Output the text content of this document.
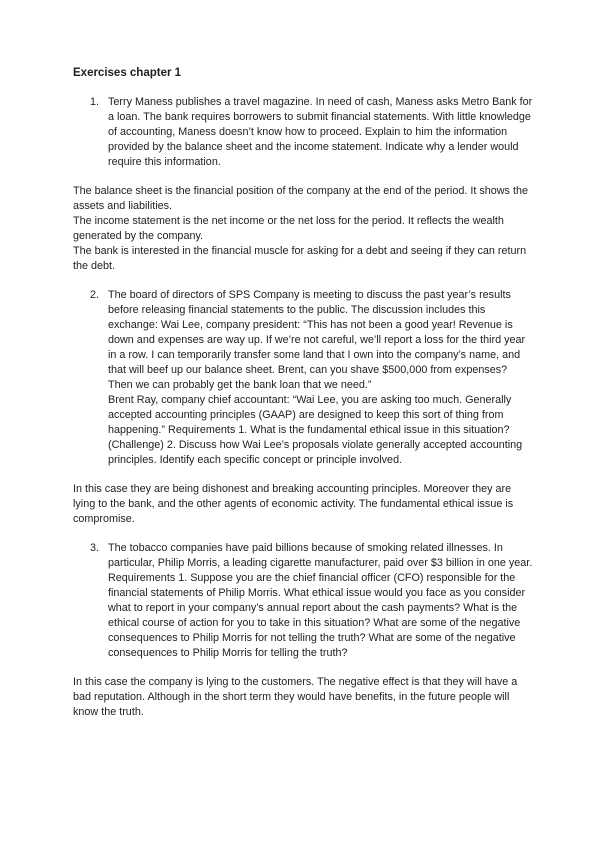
Exercises chapter 1
1. Terry Maness publishes a travel magazine. In need of cash, Maness asks Metro Bank for a loan. The bank requires borrowers to submit financial statements. With little knowledge of accounting, Maness doesn’t know how to proceed. Explain to him the information provided by the balance sheet and the income statement. Indicate why a lender would require this information.
The balance sheet is the financial position of the company at the end of the period. It shows the assets and liabilities.
The income statement is the net income or the net loss for the period. It reflects the wealth generated by the company.
The bank is interested in the financial muscle for asking for a debt and seeing if they can return the debt.
2. The board of directors of SPS Company is meeting to discuss the past year’s results before releasing financial statements to the public. The discussion includes this exchange: Wai Lee, company president: “This has not been a good year! Revenue is down and expenses are way up. If we’re not careful, we’ll report a loss for the third year in a row. I can temporarily transfer some land that I own into the company’s name, and that will beef up our balance sheet. Brent, can you shave $500,000 from expenses? Then we can probably get the bank loan that we need.”
Brent Ray, company chief accountant: “Wai Lee, you are asking too much. Generally accepted accounting principles (GAAP) are designed to keep this sort of thing from happening.” Requirements 1. What is the fundamental ethical issue in this situation? (Challenge) 2. Discuss how Wai Lee’s proposals violate generally accepted accounting principles. Identify each specific concept or principle involved.
In this case they are being dishonest and breaking accounting principles. Moreover they are lying to the bank, and the other agents of economic activity. The fundamental ethical issue is compromise.
3. The tobacco companies have paid billions because of smoking related illnesses. In particular, Philip Morris, a leading cigarette manufacturer, paid over $3 billion in one year. Requirements 1. Suppose you are the chief financial officer (CFO) responsible for the financial statements of Philip Morris. What ethical issue would you face as you consider what to report in your company’s annual report about the cash payments? What is the ethical course of action for you to take in this situation? What are some of the negative consequences to Philip Morris for not telling the truth? What are some of the negative consequences to Philip Morris for telling the truth?
In this case the company is lying to the customers. The negative effect is that they will have a bad reputation. Although in the short term they would have benefits, in the future people will know the truth.
